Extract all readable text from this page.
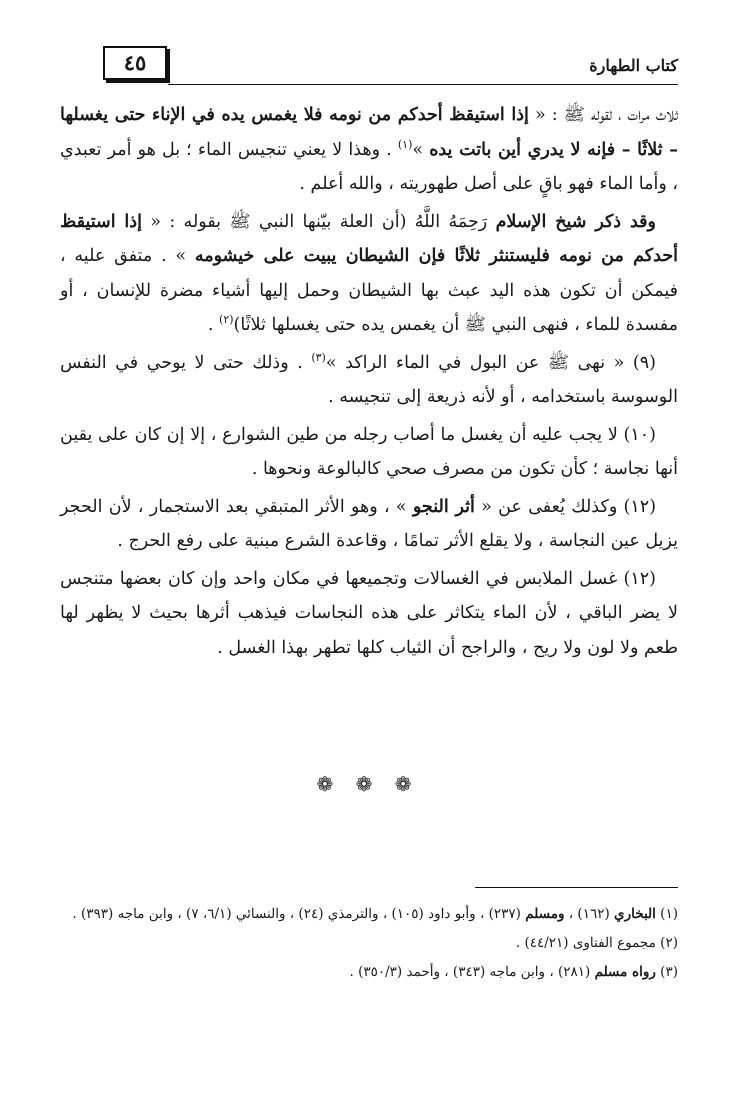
٤٥	كتاب الطهارة

ثلاث مرات ، لقوله ﷺ : « إذا استيقظ أحدكم من نومه فلا يغمس يده في الإناء حتى يغسلها – ثلاثًا – فإنه لا يدري أين باتت يده »$^{(١)}$ . وهذا لا يعني تنجيس الماء ؛ بل هو أمر تعبدي ، وأما الماء فهو باقٍ على أصل طهوريته ، والله أعلم .

وقد ذكر شيخ الإسلام رَحِمَهُ اللَّهُ (أن العلة بيّنها النبي ﷺ بقوله : « إذا استيقظ أحدكم من نومه فليستنثر ثلاثًا فإن الشيطان يبيت على خيشومه » . متفق عليه ، فيمكن أن تكون هذه اليد عبث بها الشيطان وحمل إليها أشياء مضرة للإنسان ، أو مفسدة للماء ، فنهى النبي ﷺ أن يغمس يده حتى يغسلها ثلاثًا)$^{(٢)}$ .

(٩) « نهى ﷺ عن البول في الماء الراكد »$^{(٣)}$ . وذلك حتى لا يوحي في النفس الوسوسة باستخدامه ، أو لأنه ذريعة إلى تنجيسه .

(١٠) لا يجب عليه أن يغسل ما أصاب رجله من طين الشوارع ، إلا إن كان على يقين أنها نجاسة ؛ كأن تكون من مصرف صحي كالبالوعة ونحوها .

(١٢) وكذلك يُعفى عن « أثر النجو » ، وهو الأثر المتبقي بعد الاستجمار ، لأن الحجر يزيل عين النجاسة ، ولا يقلع الأثر تمامًا ، وقاعدة الشرع مبنية على رفع الحرج .

(١٢) غسل الملابس في الغسالات وتجميعها في مكان واحد وإن كان بعضها متنجس لا يضر الباقي ، لأن الماء يتكاثر على هذه النجاسات فيذهب أثرها بحيث لا يظهر لها طعم ولا لون ولا ريح ، والراجح أن الثياب كلها تطهر بهذا الغسل .

❁ ❁ ❁

(١) البخاري (١٦٢) ، ومسلم (٢٣٧) ، وأبو داود (١٠٥) ، والترمذي (٢٤) ، والنسائي (٦/١، ٧) ، وابن ماجه (٣٩٣) .

(٢) مجموع الفتاوى (٤٤/٢١) .

(٣) رواه مسلم (٢٨١) ، وابن ماجه (٣٤٣) ، وأحمد (٣٥٠/٣) .
